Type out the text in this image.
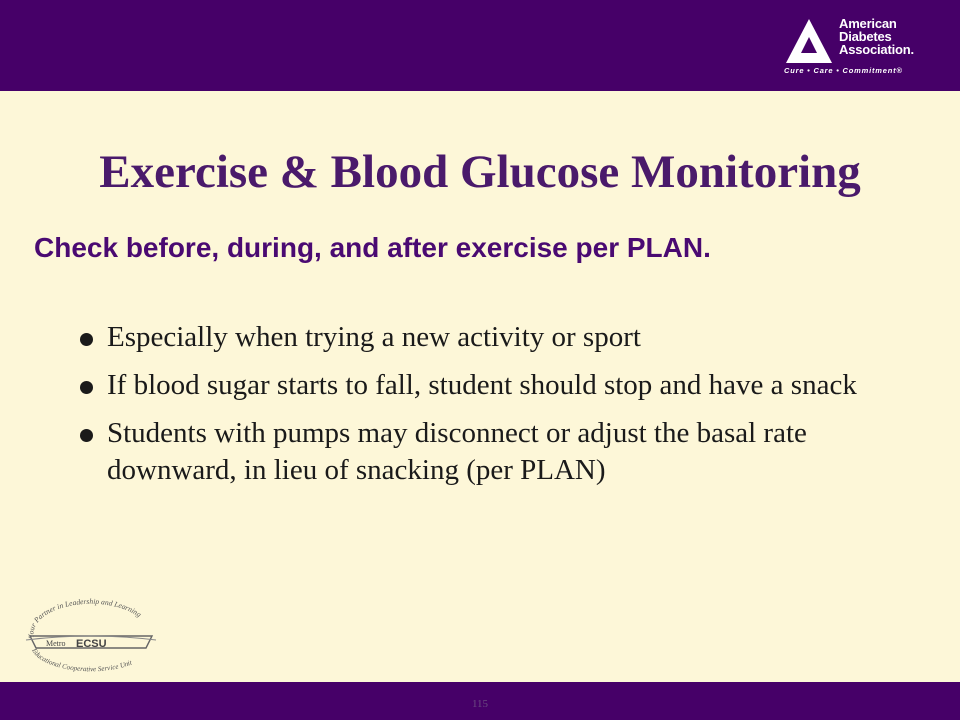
American
Diabetes
Association.
Cure • Care • Commitment®
Exercise & Blood Glucose Monitoring

Check before, during, and after exercise per PLAN.

Especially when trying a new activity or sport
If blood sugar starts to fall, student should stop and have a snack
Students with pumps may disconnect or adjust the basal rate downward, in lieu of snacking (per PLAN)
Your Partner in Leadership and Learning
Metro ECSU
Educational Cooperative Service Unit
115
